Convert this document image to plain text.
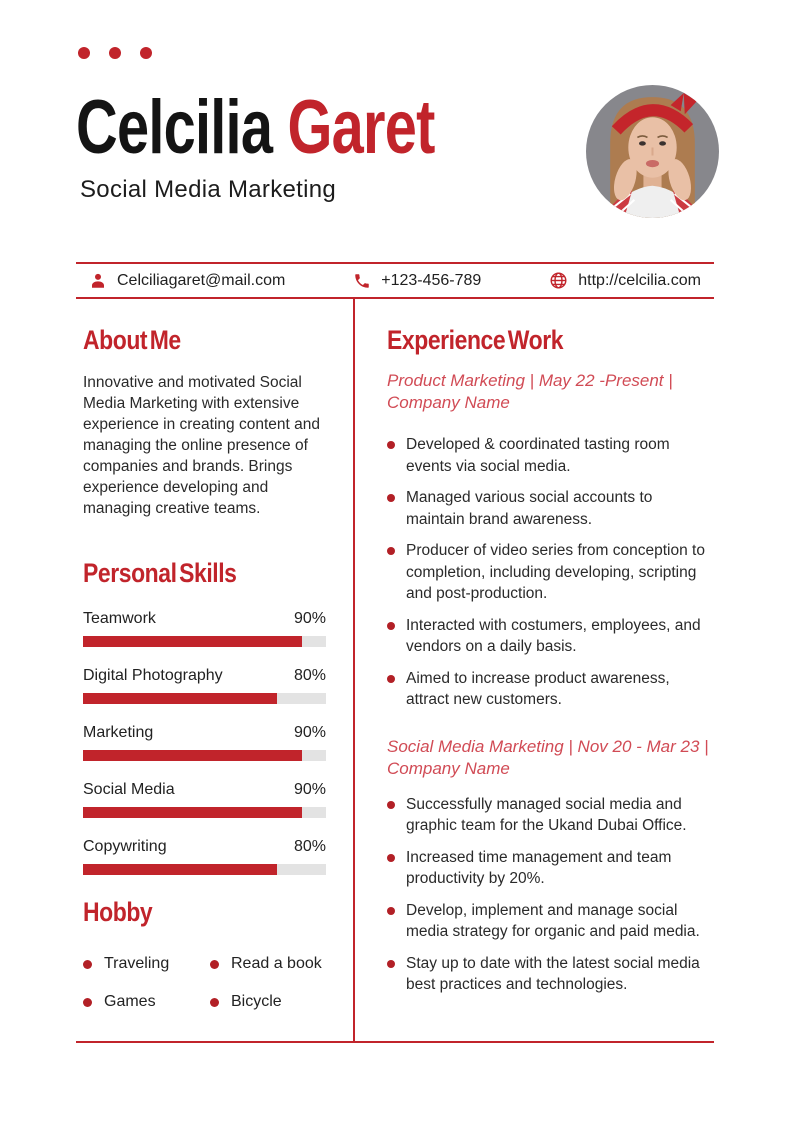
Celcilia Garet
Social Media Marketing
Celciliagaret@mail.com	+123-456-789	http://celcilia.com
About Me

Innovative and motivated Social Media Marketing with extensive experience in creating content and managing the online presence of companies and brands. Brings experience developing and managing creative teams.

Personal Skills
Teamwork	90%
Digital Photography	80%
Marketing	90%
Social Media	90%
Copywriting	80%
Hobby
Traveling	Read a book
Games	Bicycle
Experience Work

Product Marketing | May 22 -Present |
Company Name

Developed & coordinated tasting room events via social media.
Managed various social accounts to maintain brand awareness.
Producer of video series from conception to completion, including developing, scripting and post-production.
Interacted with costumers, employees, and vendors on a daily basis.
Aimed to increase product awareness, attract new customers.

Social Media Marketing | Nov 20 - Mar 23 |
Company Name

Successfully managed social media and graphic team for the Ukand Dubai Office.
Increased time management and team productivity by 20%.
Develop, implement and manage social media strategy for organic and paid media.
Stay up to date with the latest social media best practices and technologies.
